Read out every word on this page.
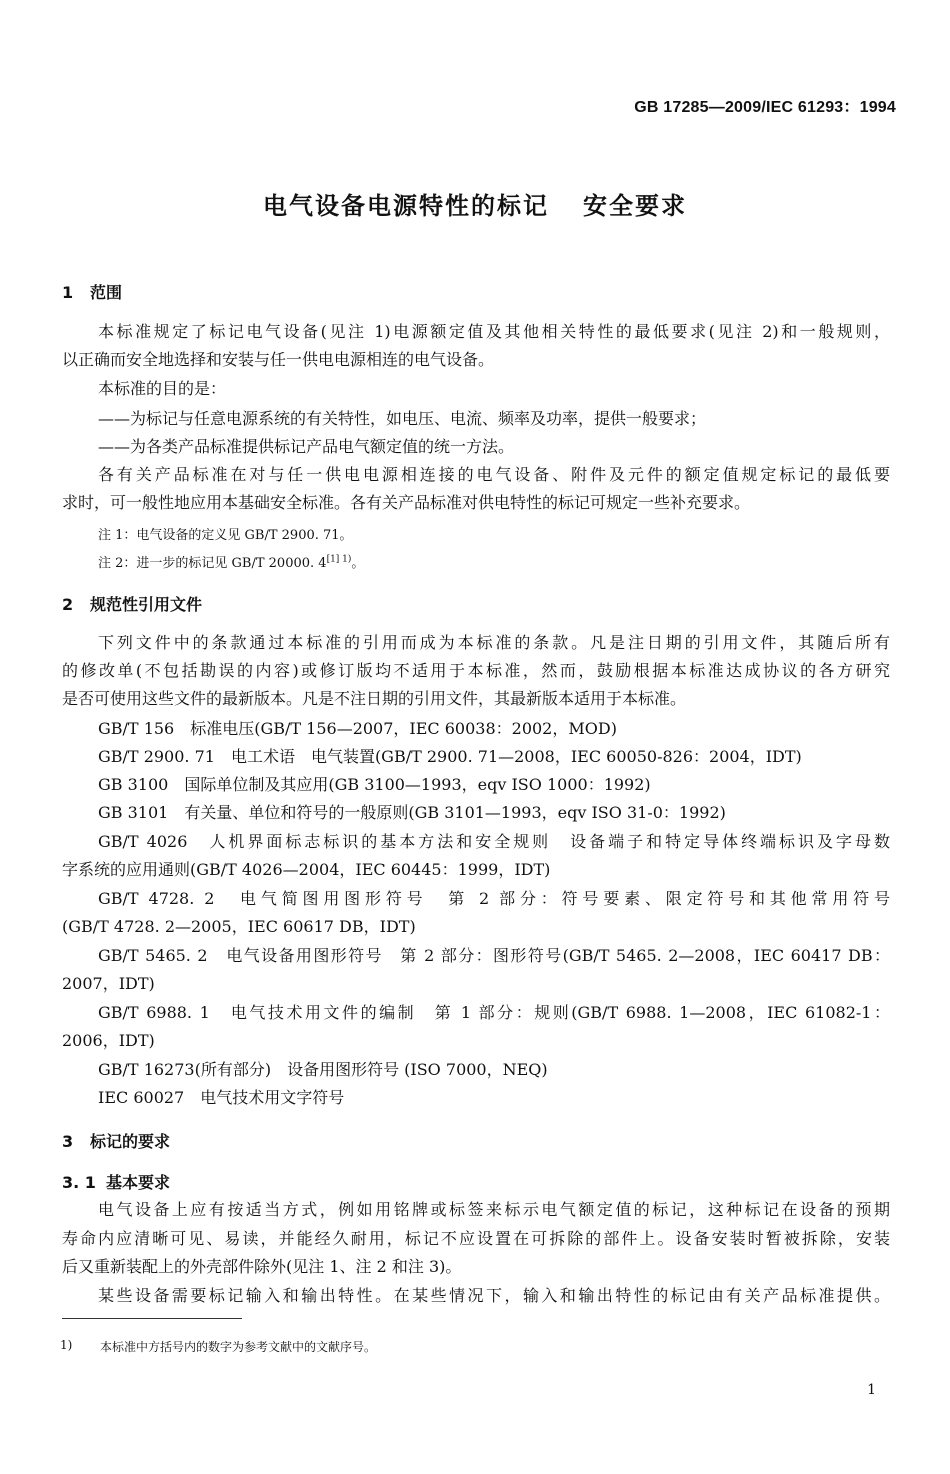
GB 17285—2009/IEC 61293：1994
电气设备电源特性的标记 安全要求
1 范围
本标准规定了标记电气设备(见注 1)电源额定值及其他相关特性的最低要求(见注 2)和一般规则，
以正确而安全地选择和安装与任一供电电源相连的电气设备。
本标准的目的是：
——为标记与任意电源系统的有关特性，如电压、电流、频率及功率，提供一般要求；
——为各类产品标准提供标记产品电气额定值的统一方法。
各有关产品标准在对与任一供电电源相连接的电气设备、附件及元件的额定值规定标记的最低要
求时，可一般性地应用本基础安全标准。各有关产品标准对供电特性的标记可规定一些补充要求。
注 1：电气设备的定义见 GB/T 2900. 71。
注 2：进一步的标记见 GB/T 20000. $4^{[1] 1)}$。
2 规范性引用文件
下列文件中的条款通过本标准的引用而成为本标准的条款。凡是注日期的引用文件，其随后所有
的修改单(不包括勘误的内容)或修订版均不适用于本标准，然而，鼓励根据本标准达成协议的各方研究
是否可使用这些文件的最新版本。凡是不注日期的引用文件，其最新版本适用于本标准。
GB/T 156　标准电压(GB/T 156—2007，IEC 60038：2002，MOD)
GB/T 2900. 71　电工术语　电气装置(GB/T 2900. 71—2008，IEC 60050-826：2004，IDT)
GB 3100　国际单位制及其应用(GB 3100—1993，eqv ISO 1000：1992)
GB 3101　有关量、单位和符号的一般原则(GB 3101—1993，eqv ISO 31-0：1992)
GB/T 4026　人机界面标志标识的基本方法和安全规则　设备端子和特定导体终端标识及字母数
字系统的应用通则(GB/T 4026—2004，IEC 60445：1999，IDT)
GB/T 4728. 2　电气简图用图形符号　第 2 部分：符号要素、限定符号和其他常用符号
(GB/T 4728. 2—2005，IEC 60617 DB，IDT)
GB/T 5465. 2　电气设备用图形符号　第 2 部分：图形符号(GB/T 5465. 2—2008，IEC 60417 DB：
2007，IDT)
GB/T 6988. 1　电气技术用文件的编制　第 1 部分：规则(GB/T 6988. 1—2008，IEC 61082-1：
2006，IDT)
GB/T 16273(所有部分)　设备用图形符号 (ISO 7000，NEQ)
IEC 60027　电气技术用文字符号
3 标记的要求
3. 1 基本要求
电气设备上应有按适当方式，例如用铭牌或标签来标示电气额定值的标记，这种标记在设备的预期
寿命内应清晰可见、易读，并能经久耐用，标记不应设置在可拆除的部件上。设备安装时暂被拆除，安装
后又重新装配上的外壳部件除外(见注 1、注 2 和注 3)。
某些设备需要标记输入和输出特性。在某些情况下，输入和输出特性的标记由有关产品标准提供。
1) 本标准中方括号内的数字为参考文献中的文献序号。
1
